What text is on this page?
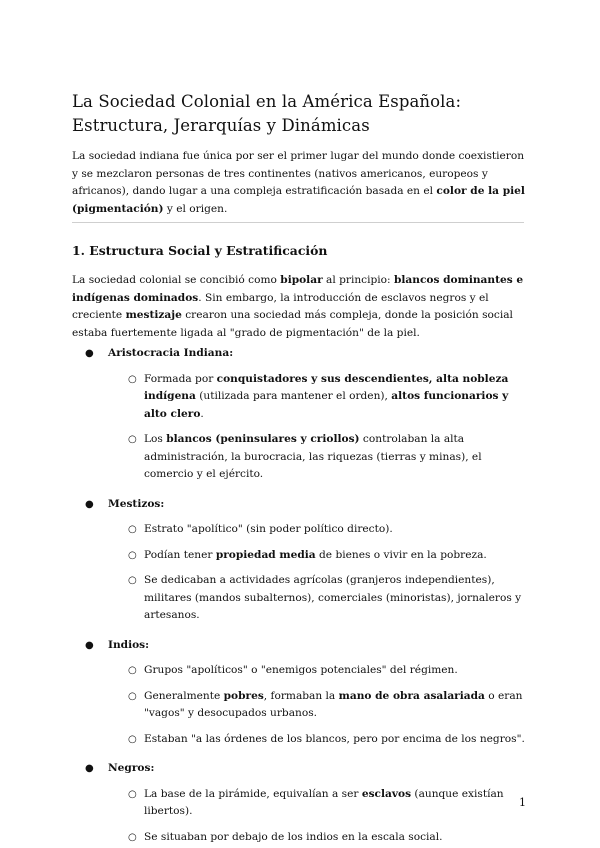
La Sociedad Colonial en la América Española: Estructura, Jerarquías y Dinámicas

La sociedad indiana fue única por ser el primer lugar del mundo donde coexistieron y se mezclaron personas de tres continentes (nativos americanos, europeos y africanos), dando lugar a una compleja estratificación basada en el color de la piel (pigmentación) y el origen.

1. Estructura Social y Estratificación

La sociedad colonial se concibió como bipolar al principio: blancos dominantes e indígenas dominados. Sin embargo, la introducción de esclavos negros y el creciente mestizaje crearon una sociedad más compleja, donde la posición social estaba fuertemente ligada al "grado de pigmentación" de la piel.

● Aristocracia Indiana:
○ Formada por conquistadores y sus descendientes, alta nobleza indígena (utilizada para mantener el orden), altos funcionarios y alto clero.
○ Los blancos (peninsulares y criollos) controlaban la alta administración, la burocracia, las riquezas (tierras y minas), el comercio y el ejército.
● Mestizos:
○ Estrato "apolítico" (sin poder político directo).
○ Podían tener propiedad media de bienes o vivir en la pobreza.
○ Se dedicaban a actividades agrícolas (granjeros independientes), militares (mandos subalternos), comerciales (minoristas), jornaleros y artesanos.
● Indios:
○ Grupos "apolíticos" o "enemigos potenciales" del régimen.
○ Generalmente pobres, formaban la mano de obra asalariada o eran "vagos" y desocupados urbanos.
○ Estaban "a las órdenes de los blancos, pero por encima de los negros".
● Negros:
○ La base de la pirámide, equivalían a ser esclavos (aunque existían libertos).
○ Se situaban por debajo de los indios en la escala social.
1
